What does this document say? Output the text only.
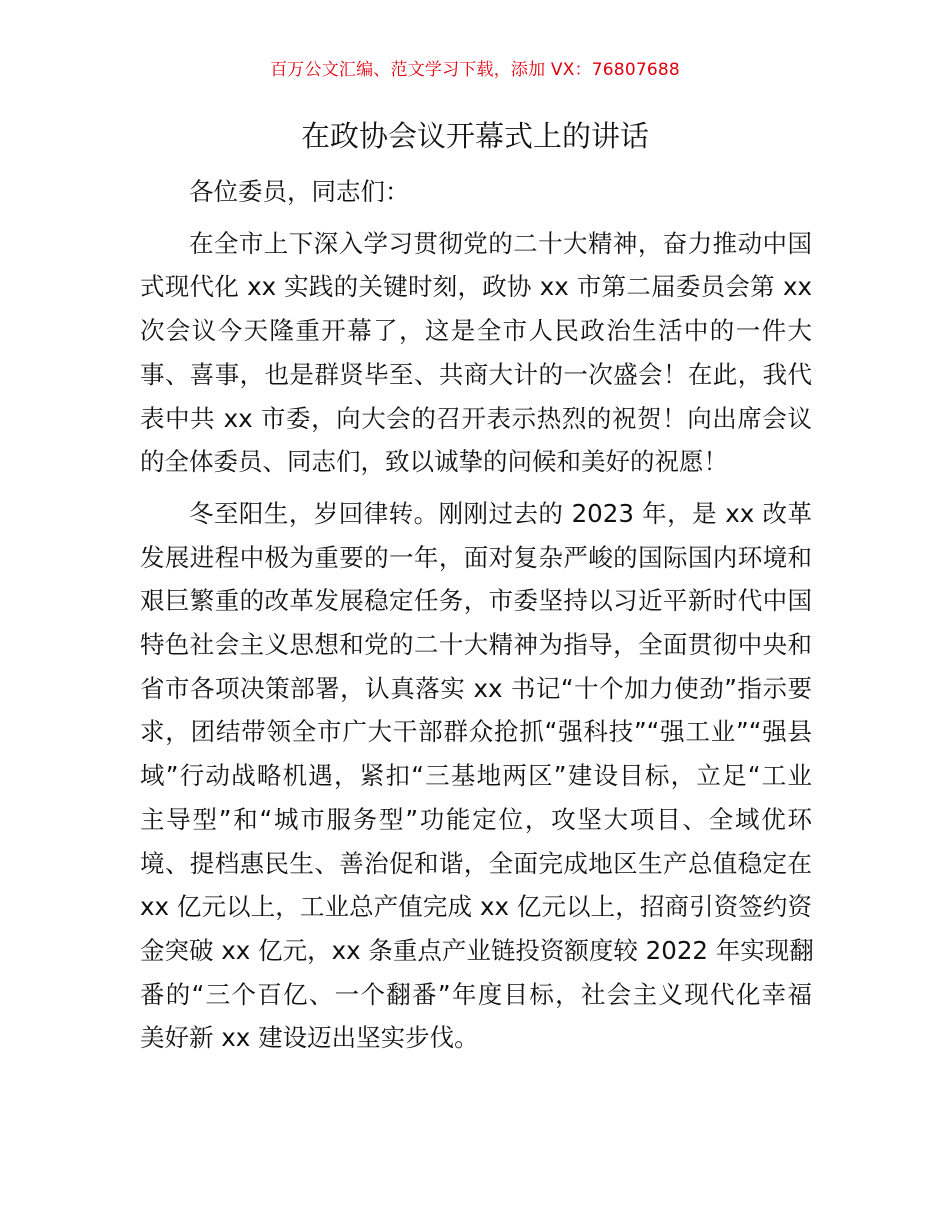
百万公文汇编、范文学习下载，添加 VX：76807688
在政协会议开幕式上的讲话

各位委员，同志们：

在全市上下深入学习贯彻党的二十大精神，奋力推动中国
式现代化 xx 实践的关键时刻，政协 xx 市第二届委员会第 xx
次会议今天隆重开幕了，这是全市人民政治生活中的一件大
事、喜事，也是群贤毕至、共商大计的一次盛会！在此，我代
表中共 xx 市委，向大会的召开表示热烈的祝贺！向出席会议
的全体委员、同志们，致以诚挚的问候和美好的祝愿！

冬至阳生，岁回律转。刚刚过去的 2023 年，是 xx 改革
发展进程中极为重要的一年，面对复杂严峻的国际国内环境和
艰巨繁重的改革发展稳定任务，市委坚持以习近平新时代中国
特色社会主义思想和党的二十大精神为指导，全面贯彻中央和
省市各项决策部署，认真落实 xx 书记“十个加力使劲”指示要
求，团结带领全市广大干部群众抢抓“强科技”“强工业”“强县
域”行动战略机遇，紧扣“三基地两区”建设目标，立足“工业
主导型”和“城市服务型”功能定位，攻坚大项目、全域优环
境、提档惠民生、善治促和谐，全面完成地区生产总值稳定在
xx 亿元以上，工业总产值完成 xx 亿元以上，招商引资签约资
金突破 xx 亿元，xx 条重点产业链投资额度较 2022 年实现翻
番的“三个百亿、一个翻番”年度目标，社会主义现代化幸福
美好新 xx 建设迈出坚实步伐。
